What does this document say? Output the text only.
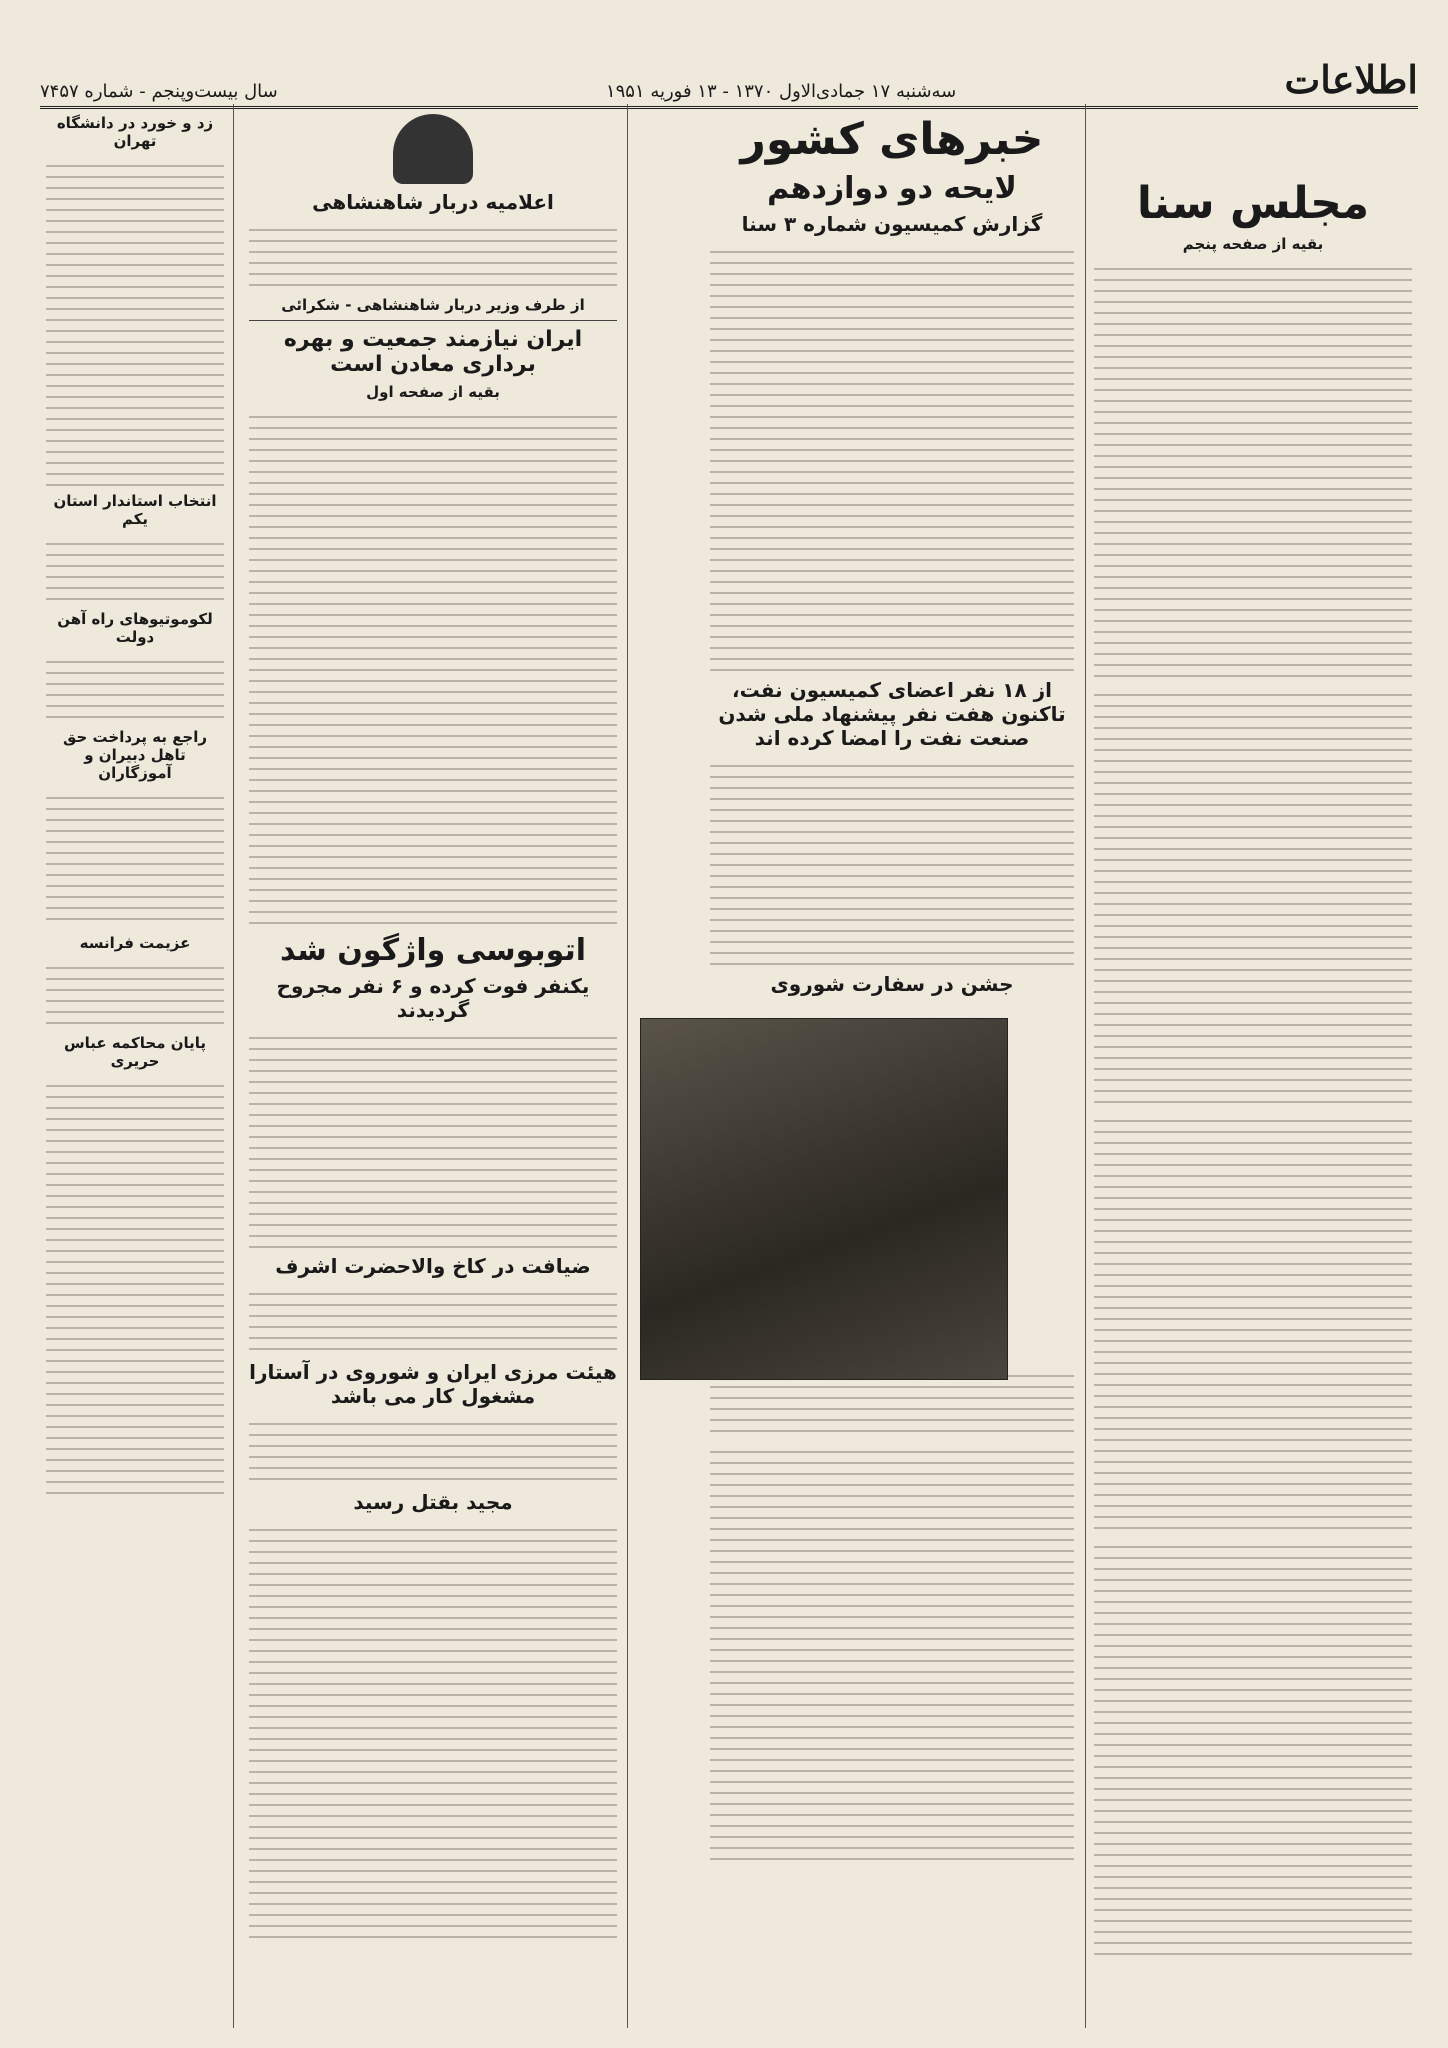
اطلاعات
سه‌شنبه ۱۷ جمادی‌الاول ۱۳۷۰ - ۱۳ فوریه ۱۹۵۱
سال بیست‌وپنجم - شماره ۷۴۵۷
مجلس سنا
بقیه از صفحه پنجم
خبرهای کشور
لایحه دو دوازدهم
گزارش کمیسیون شماره ۳ سنا
از ۱۸ نفر اعضای کمیسیون نفت، تاکنون هفت نفر پیشنهاد ملی شدن صنعت نفت را امضا کرده اند
جشن در سفارت شوروی
اعلامیه دربار شاهنشاهی
از طرف وزیر دربار شاهنشاهی - شکرائی
ایران نیازمند جمعیت و بهره برداری معادن است
بقیه از صفحه اول
اتوبوسی واژگون شد
یکنفر فوت کرده و ۶ نفر مجروح گردیدند
ضیافت در کاخ والاحضرت اشرف
هیئت مرزی ایران و شوروی در آستارا مشغول کار می باشد
مجید بقتل رسید
زد و خورد در دانشگاه تهران
انتخاب استاندار استان یکم
لکوموتیوهای راه آهن دولت
راجع به پرداخت حق تاهل دبیران و آموزگاران
عزیمت فرانسه
پایان محاکمه عباس حریری
